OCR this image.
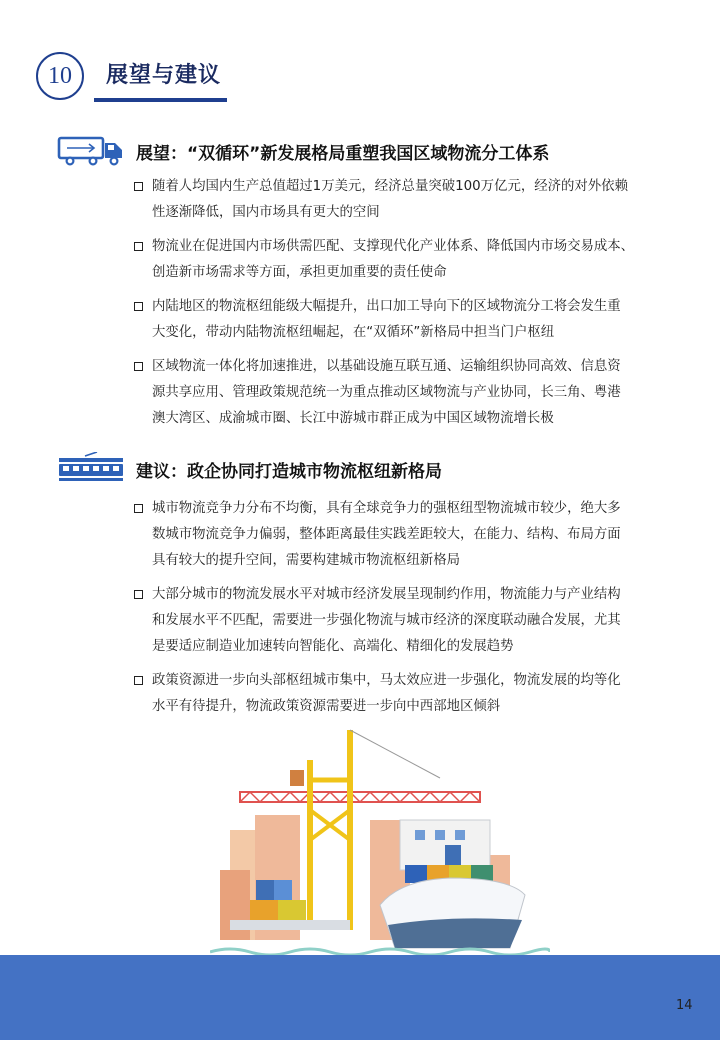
10	展望与建议
展望：“双循环”新发展格局重塑我国区域物流分工体系
随着人均国内生产总值超过1万美元，经济总量突破100万亿元，经济的对外依赖
性逐渐降低，国内市场具有更大的空间
物流业在促进国内市场供需匹配、支撑现代化产业体系、降低国内市场交易成本、
创造新市场需求等方面，承担更加重要的责任使命
内陆地区的物流枢纽能级大幅提升，出口加工导向下的区域物流分工将会发生重
大变化，带动内陆物流枢纽崛起，在“双循环”新格局中担当门户枢纽
区域物流一体化将加速推进，以基础设施互联互通、运输组织协同高效、信息资
源共享应用、管理政策规范统一为重点推动区域物流与产业协同，长三角、粤港
澳大湾区、成渝城市圈、长江中游城市群正成为中国区域物流增长极
建议：政企协同打造城市物流枢纽新格局
城市物流竞争力分布不均衡，具有全球竞争力的强枢纽型物流城市较少，绝大多
数城市物流竞争力偏弱，整体距离最佳实践差距较大，在能力、结构、布局方面
具有较大的提升空间，需要构建城市物流枢纽新格局
大部分城市的物流发展水平对城市经济发展呈现制约作用，物流能力与产业结构
和发展水平不匹配，需要进一步强化物流与城市经济的深度联动融合发展，尤其
是要适应制造业加速转向智能化、高端化、精细化的发展趋势
政策资源进一步向头部枢纽城市集中，马太效应进一步强化，物流发展的均等化
水平有待提升，物流政策资源需要进一步向中西部地区倾斜
14
